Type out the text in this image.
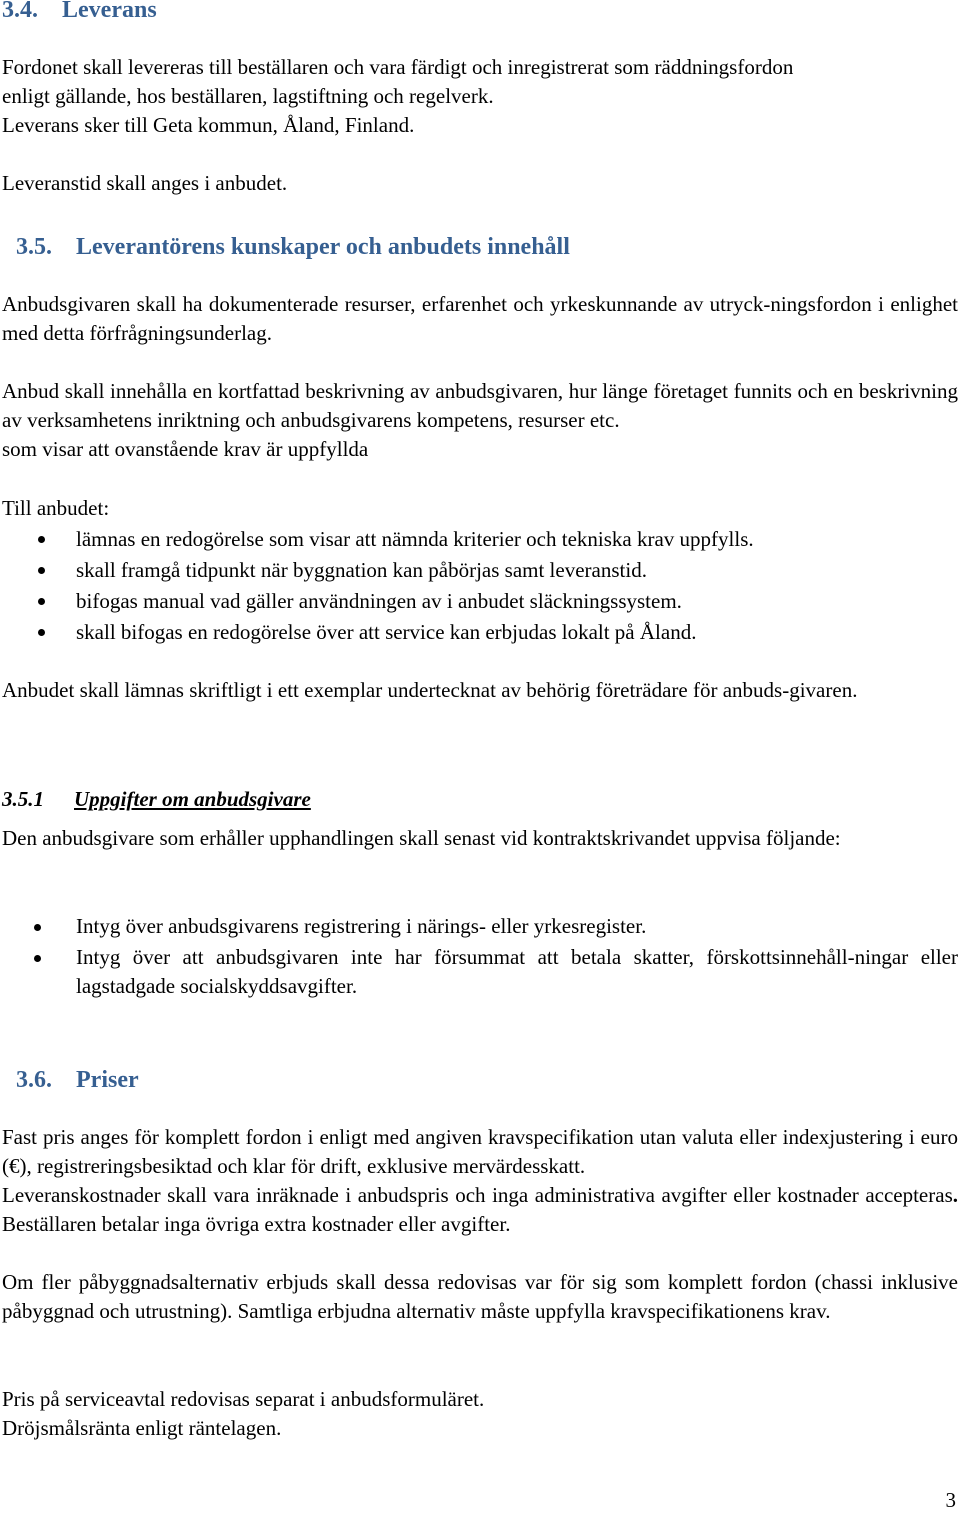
3.4.	Leverans

Fordonet skall levereras till beställaren och vara färdigt och inregistrerat som räddningsfordon

enligt gällande, hos beställaren, lagstiftning och regelverk.

Leverans sker till Geta kommun, Åland, Finland.

Leveranstid skall anges i anbudet.

3.5.	Leverantörens kunskaper och anbudets innehåll

Anbudsgivaren skall ha dokumenterade resurser, erfarenhet och yrkeskunnande av utryck-ningsfordon i enlighet med detta förfrågningsunderlag.

Anbud skall innehålla en kortfattad beskrivning av anbudsgivaren, hur länge företaget funnits och en beskrivning av verksamhetens inriktning och anbudsgivarens kompetens, resurser etc.

som visar att ovanstående krav är uppfyllda

Till anbudet:

lämnas en redogörelse som visar att nämnda kriterier och tekniska krav uppfylls.
skall framgå tidpunkt när byggnation kan påbörjas samt leveranstid.
bifogas manual vad gäller användningen av i anbudet släckningssystem.
skall bifogas en redogörelse över att service kan erbjudas lokalt på Åland.

Anbudet skall lämnas skriftligt i ett exemplar undertecknat av behörig företrädare för anbuds-givaren.

3.5.1	Uppgifter om anbudsgivare

Den anbudsgivare som erhåller upphandlingen skall senast vid kontraktskrivandet uppvisa följande:

Intyg över anbudsgivarens registrering i närings- eller yrkesregister.
Intyg över att anbudsgivaren inte har försummat att betala skatter, förskottsinnehåll-ningar eller lagstadgade socialskyddsavgifter.
3.6.	Priser

Fast pris anges för komplett fordon i enligt med angiven kravspecifikation utan valuta eller indexjustering i euro (€), registreringsbesiktad och klar för drift, exklusive mervärdesskatt.

Leveranskostnader skall vara inräknade i anbudspris och inga administrativa avgifter eller kostnader accepteras. Beställaren betalar inga övriga extra kostnader eller avgifter.

Om fler påbyggnadsalternativ erbjuds skall dessa redovisas var för sig som komplett fordon (chassi inklusive påbyggnad och utrustning). Samtliga erbjudna alternativ måste uppfylla kravspecifikationens krav.

Pris på serviceavtal redovisas separat i anbudsformuläret.

Dröjsmålsränta enligt räntelagen.

3
